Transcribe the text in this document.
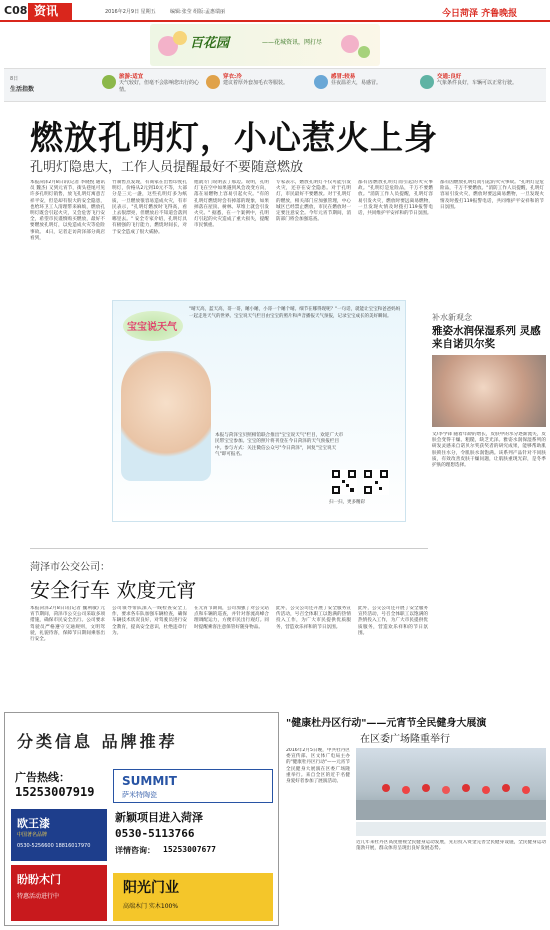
C08 资讯	2016年2月9日 星期五	编辑:张莹 组版:孟惠瑞丽	今日菏泽 齐鲁晚报
百花园	——花城资讯，网打尽
8日
生活指数
旅游:适宜
天气较好，但毫不会影响您出行的心情。
穿衣:冷
建议着厚外套加毛衣等服装。
感冒:较易
昼夜温差大，易感冒。
交通:良好
气象条件良好，车辆可以正常行驶。
燃放孔明灯，小心惹火上身
孔明灯隐患大，工作人员提醒最好不要随意燃放
本报菏泽2月8日讯(记者 李晓悦 通讯员 魏杰) 又到元宵节，街头巷尾可见许多孔明灯销售，放飞孔明灯寓意吉祥平安，但是却有很大的安全隐患，也给环卫工人清理带来麻烦，燃放孔明灯既会引起火灾，又会危害飞行安全，希望市民谨慎购买燃放，最好不要燃放孔明灯，以免造成火灾等危险事故。 4日，记者走访菏泽部分商店看到，
竹制售点发现，有商家在出售印度孔明灯，价格从2元到10元不等，大部分是三元一盏，这些孔明灯多为纸质，一旦燃放很容易造成火灾，有市民表示，"孔明灯燃放时飞得高，看上去很漂亮，但燃放后不知道会落到哪里去。" 安全专家介绍，孔明灯具有极强的飞行能力，燃烧时间长，对于安全造成了很大威胁。
他就专门说明去了那边。说明，孔明灯飞在空中如果遇到风会改变方向，落在易燃物上容易引起火灾。"有的孔明灯燃烧时会有掉落的现象，如果掉落在屋顶、树林、草堆上就会引发火灾。" 据悉，在一个案例中，孔明灯引起的火灾造成了重大损失，提醒市民慎重。
专家表示，燃放孔明灯不仅可能引发火灾，还存在安全隐患。对于孔明灯，市民最好不要燃放。对于孔明灯的燃放，相关部门应加强管理，中心城区已经禁止燃放，市民在燃放时一定要注意安全。今年元宵节期间，消防部门将会加强巡查。
都有因燃放孔明灯而引起的火灾事故。"孔明灯是危险品，千万不要燃放。"消防工作人员提醒，孔明灯容易引发火灾，燃放时要远离易燃物，一旦发现火情及时拨打119报警电话，共同维护平安祥和的节日氛围。
都有因燃放孔明灯而引起的火灾事故。"孔明灯是危险品，千万不要燃放。"消防工作人员提醒，孔明灯容易引发火灾，燃放时要远离易燃物，一旦发现火情及时拨打119报警电话，共同维护平安祥和的节日氛围。
宝宝说天气
"晴天高，蓝天高，哥一哥，睡小睡，小哥一个睡个晴。细节在哪得现呢？"一句话，就能让宝宝和爸爸妈妈一起走进天气的世界。宝宝说天气栏目由宝宝的照片和声音播报天气预报，记录宝宝成长的美好瞬间。
本报与菏泽宝贝照相馆联合推出"宝宝说天气"栏目，欢迎广大市民带宝宝参加。宝宝的照片将刊登在今日菏泽的天气预报栏目中。参与方式：关注微信公众号"今日菏泽"，回复"宝宝说天气"即可报名。
扫一扫，更多精彩
补水新观念
雅姿水润保湿系列 灵感来自诺贝尔奖
文/李学锋 随着年龄的增长，皮肤中的水分逐渐流失，皮肤会变得干燥、粗糙，缺乏光泽。雅姿水润保湿系列的研发灵感来自诺贝尔奖获奖者的研究成果，能够帮助肌肤锁住水分，令肌肤水润饱满。该系列产品针对不同肤质，有效改善皮肤干燥问题，让肌肤重现光彩，是冬季护肤的理想选择。
菏泽市公交公司：
安全行车 欢度元宵
本报菏泽2月8日讯(记者 魏利敏) 元宵节期间，菏泽市公交公司采取多项措施，确保市民安全出行。公司要求驾驶员严格遵守交通规则，文明驾驶，礼貌待客，保障节日期间乘客出行安全。
公司领导带队深入一线检查安全工作，要求各车队加强车辆检查，确保车辆技术状况良好，对驾驶员进行安全教育，提高安全意识，杜绝违章行为。
在元宵节期间，公司加强了对公交站点和车辆的巡查，并针对客流高峰合理调配运力，方便市民出行观灯。同时提醒乘客注意保管好随身物品。
此外，公交公司还开展了安全服务宣传活动，号召全体职工以饱满的热情投入工作，为广大市民提供优质服务，营造欢乐祥和的节日氛围。
此外，公交公司还开展了安全服务宣传活动，号召全体职工以饱满的热情投入工作，为广大市民提供优质服务，营造欢乐祥和的节日氛围。
分类信息 品牌推荐
广告热线：
15253007919
欧王漆
中国著名品牌
0530-5256600 18816017970
盼盼木门
特惠活动进行中
SUMMIT
萨米特陶瓷
新颖项目进入菏泽
0530-5113766
详情咨询： 15253007677
阳光门业
高端木门 实木100%
"健康杜丹区行动"——元宵节全民健身大展演
在区委广场隆重举行
2016年2月5日晚，中共牡丹区委宣传部、区文体广电局主办的"健康牡丹区行动"——元宵节全民健身大展演在区委广场隆重举行。来自全区的近千名健身爱好者参加了展演活动。
近几年来牡丹区高度重视全民健身运动发展，先后投入资金完善全民健身设施，全民健身运动蓬勃开展，群众体育呈现出良好发展态势。
